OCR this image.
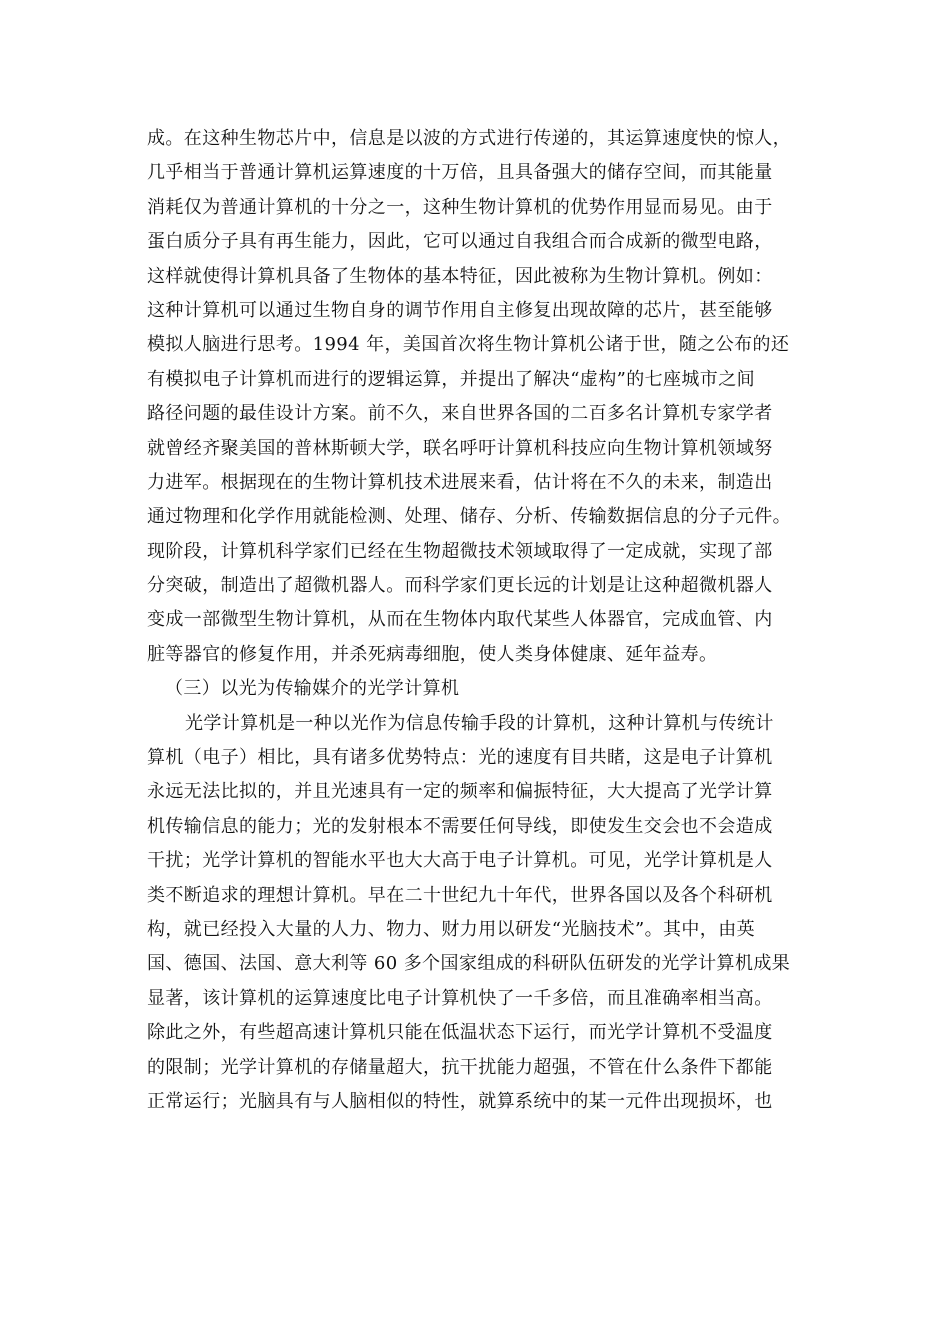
成。在这种生物芯片中，信息是以波的方式进行传递的，其运算速度快的惊人，
几乎相当于普通计算机运算速度的十万倍，且具备强大的储存空间，而其能量
消耗仅为普通计算机的十分之一，这种生物计算机的优势作用显而易见。由于
蛋白质分子具有再生能力，因此，它可以通过自我组合而合成新的微型电路，
这样就使得计算机具备了生物体的基本特征，因此被称为生物计算机。例如：
这种计算机可以通过生物自身的调节作用自主修复出现故障的芯片，甚至能够
模拟人脑进行思考。1994 年，美国首次将生物计算机公诸于世，随之公布的还
有模拟电子计算机而进行的逻辑运算，并提出了解决“虚构”的七座城市之间
路径问题的最佳设计方案。前不久，来自世界各国的二百多名计算机专家学者
就曾经齐聚美国的普林斯顿大学，联名呼吁计算机科技应向生物计算机领域努
力进军。根据现在的生物计算机技术进展来看，估计将在不久的未来，制造出
通过物理和化学作用就能检测、处理、储存、分析、传输数据信息的分子元件。
现阶段，计算机科学家们已经在生物超微技术领域取得了一定成就，实现了部
分突破，制造出了超微机器人。而科学家们更长远的计划是让这种超微机器人
变成一部微型生物计算机，从而在生物体内取代某些人体器官，完成血管、内
脏等器官的修复作用，并杀死病毒细胞，使人类身体健康、延年益寿。
（三）以光为传输媒介的光学计算机
光学计算机是一种以光作为信息传输手段的计算机，这种计算机与传统计
算机（电子）相比，具有诸多优势特点：光的速度有目共睹，这是电子计算机
永远无法比拟的，并且光速具有一定的频率和偏振特征，大大提高了光学计算
机传输信息的能力；光的发射根本不需要任何导线，即使发生交会也不会造成
干扰；光学计算机的智能水平也大大高于电子计算机。可见，光学计算机是人
类不断追求的理想计算机。早在二十世纪九十年代，世界各国以及各个科研机
构，就已经投入大量的人力、物力、财力用以研发“光脑技术”。其中，由英
国、德国、法国、意大利等 60 多个国家组成的科研队伍研发的光学计算机成果
显著，该计算机的运算速度比电子计算机快了一千多倍，而且准确率相当高。
除此之外，有些超高速计算机只能在低温状态下运行，而光学计算机不受温度
的限制；光学计算机的存储量超大，抗干扰能力超强，不管在什么条件下都能
正常运行；光脑具有与人脑相似的特性，就算系统中的某一元件出现损坏，也
